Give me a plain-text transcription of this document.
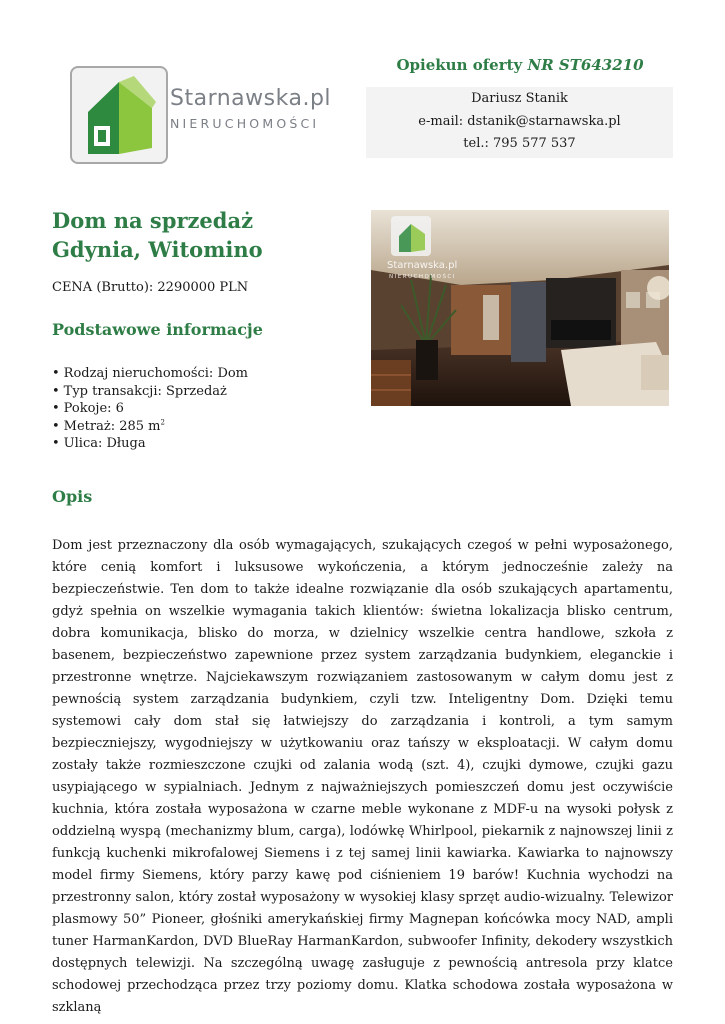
Starnawska.pl
NIERUCHOMOŚCI
Opiekun oferty NR ST643210
Dariusz Stanik
e-mail: dstanik@starnawska.pl
tel.: 795 577 537
Dom na sprzedaż
Gdynia, Witomino
CENA (Brutto): 2290000 PLN
Starnawska.pl
NIERUCHOMOŚCI
Podstawowe informacje
• Rodzaj nieruchomości: Dom
• Typ transakcji: Sprzedaż
• Pokoje: 6
• Metraż: 285 $m^2$
• Ulica: Długa
Opis

Dom jest przeznaczony dla osób wymagających, szukających czegoś w pełni wyposażonego, które cenią komfort i luksusowe wykończenia, a którym jednocześnie zależy na bezpieczeństwie. Ten dom to także idealne rozwiązanie dla osób szukających apartamentu, gdyż spełnia on wszelkie wymagania takich klientów: świetna lokalizacja blisko centrum, dobra komunikacja, blisko do morza, w dzielnicy wszelkie centra handlowe, szkoła z basenem, bezpieczeństwo zapewnione przez system zarządzania budynkiem, eleganckie i przestronne wnętrze. Najciekawszym rozwiązaniem zastosowanym w całym domu jest z pewnością system zarządzania budynkiem, czyli tzw. Inteligentny Dom. Dzięki temu systemowi cały dom stał się łatwiejszy do zarządzania i kontroli, a tym samym bezpieczniejszy, wygodniejszy w użytkowaniu oraz tańszy w eksploatacji. W całym domu zostały także rozmieszczone czujki od zalania wodą (szt. 4), czujki dymowe, czujki gazu usypiającego w sypialniach. Jednym z najważniejszych pomieszczeń domu jest oczywiście kuchnia, która została wyposażona w czarne meble wykonane z MDF-u na wysoki połysk z oddzielną wyspą (mechanizmy blum, carga), lodówkę Whirlpool, piekarnik z najnowszej linii z funkcją kuchenki mikrofalowej Siemens i z tej samej linii kawiarka. Kawiarka to najnowszy model firmy Siemens, który parzy kawę pod ciśnieniem 19 barów! Kuchnia wychodzi na przestronny salon, który został wyposażony w wysokiej klasy sprzęt audio-wizualny. Telewizor plasmowy 50” Pioneer, głośniki amerykańskiej firmy Magnepan końcówka mocy NAD, ampli tuner HarmanKardon, DVD BlueRay HarmanKardon, subwoofer Infinity, dekodery wszystkich dostępnych telewizji. Na szczególną uwagę zasługuje z pewnością antresola przy klatce schodowej przechodząca przez trzy poziomy domu. Klatka schodowa została wyposażona w szklaną
